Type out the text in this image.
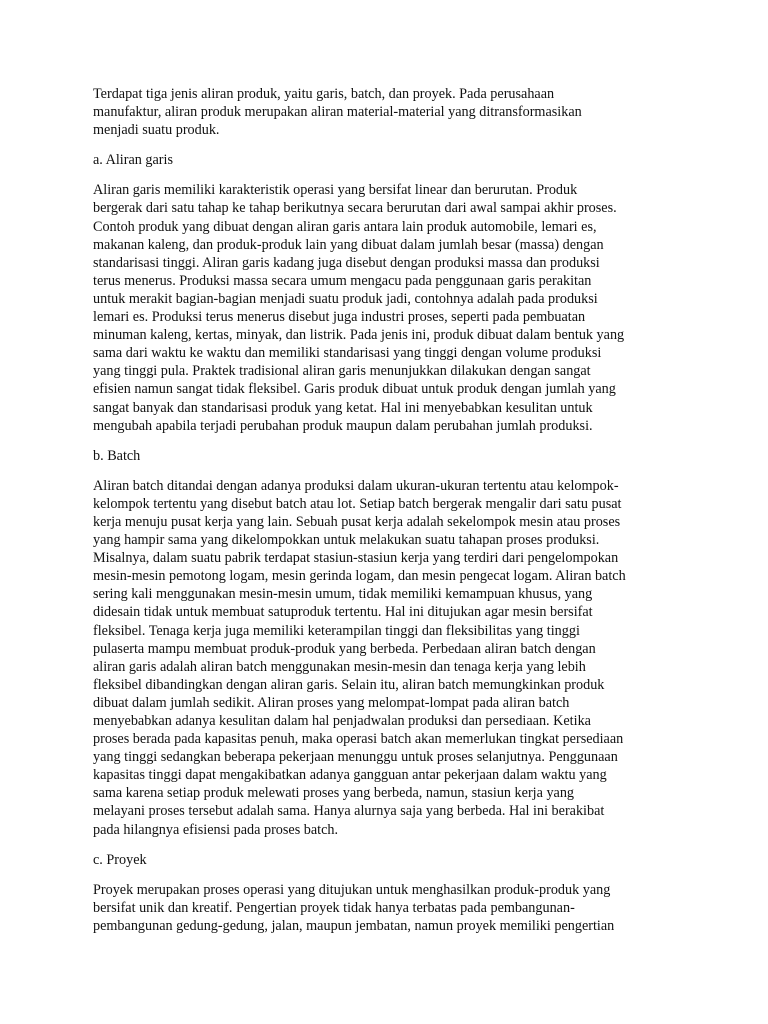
Terdapat tiga jenis aliran produk, yaitu garis, batch, dan proyek. Pada perusahaan
manufaktur, aliran produk merupakan aliran material-material yang ditransformasikan
menjadi suatu produk.

a. Aliran garis

Aliran garis memiliki karakteristik operasi yang bersifat linear dan berurutan. Produk
bergerak dari satu tahap ke tahap berikutnya secara berurutan dari awal sampai akhir proses.
Contoh produk yang dibuat dengan aliran garis antara lain produk automobile, lemari es,
makanan kaleng, dan produk-produk lain yang dibuat dalam jumlah besar (massa) dengan
standarisasi tinggi. Aliran garis kadang juga disebut dengan produksi massa dan produksi
terus menerus. Produksi massa secara umum mengacu pada penggunaan garis perakitan
untuk merakit bagian-bagian menjadi suatu produk jadi, contohnya adalah pada produksi
lemari es. Produksi terus menerus disebut juga industri proses, seperti pada pembuatan
minuman kaleng, kertas, minyak, dan listrik. Pada jenis ini, produk dibuat dalam bentuk yang
sama dari waktu ke waktu dan memiliki standarisasi yang tinggi dengan volume produksi
yang tinggi pula. Praktek tradisional aliran garis menunjukkan dilakukan dengan sangat
efisien namun sangat tidak fleksibel. Garis produk dibuat untuk produk dengan jumlah yang
sangat banyak dan standarisasi produk yang ketat. Hal ini menyebabkan kesulitan untuk
mengubah apabila terjadi perubahan produk maupun dalam perubahan jumlah produksi.

b. Batch

Aliran batch ditandai dengan adanya produksi dalam ukuran-ukuran tertentu atau kelompok-
kelompok tertentu yang disebut batch atau lot. Setiap batch bergerak mengalir dari satu pusat
kerja menuju pusat kerja yang lain. Sebuah pusat kerja adalah sekelompok mesin atau proses
yang hampir sama yang dikelompokkan untuk melakukan suatu tahapan proses produksi.
Misalnya, dalam suatu pabrik terdapat stasiun-stasiun kerja yang terdiri dari pengelompokan
mesin-mesin pemotong logam, mesin gerinda logam, dan mesin pengecat logam. Aliran batch
sering kali menggunakan mesin-mesin umum, tidak memiliki kemampuan khusus, yang
didesain tidak untuk membuat satuproduk tertentu. Hal ini ditujukan agar mesin bersifat
fleksibel. Tenaga kerja juga memiliki keterampilan tinggi dan fleksibilitas yang tinggi
pulaserta mampu membuat produk-produk yang berbeda. Perbedaan aliran batch dengan
aliran garis adalah aliran batch menggunakan mesin-mesin dan tenaga kerja yang lebih
fleksibel dibandingkan dengan aliran garis. Selain itu, aliran batch memungkinkan produk
dibuat dalam jumlah sedikit. Aliran proses yang melompat-lompat pada aliran batch
menyebabkan adanya kesulitan dalam hal penjadwalan produksi dan persediaan. Ketika
proses berada pada kapasitas penuh, maka operasi batch akan memerlukan tingkat persediaan
yang tinggi sedangkan beberapa pekerjaan menunggu untuk proses selanjutnya. Penggunaan
kapasitas tinggi dapat mengakibatkan adanya gangguan antar pekerjaan dalam waktu yang
sama karena setiap produk melewati proses yang berbeda, namun, stasiun kerja yang
melayani proses tersebut adalah sama. Hanya alurnya saja yang berbeda. Hal ini berakibat
pada hilangnya efisiensi pada proses batch.

c. Proyek

Proyek merupakan proses operasi yang ditujukan untuk menghasilkan produk-produk yang
bersifat unik dan kreatif. Pengertian proyek tidak hanya terbatas pada pembangunan-
pembangunan gedung-gedung, jalan, maupun jembatan, namun proyek memiliki pengertian
